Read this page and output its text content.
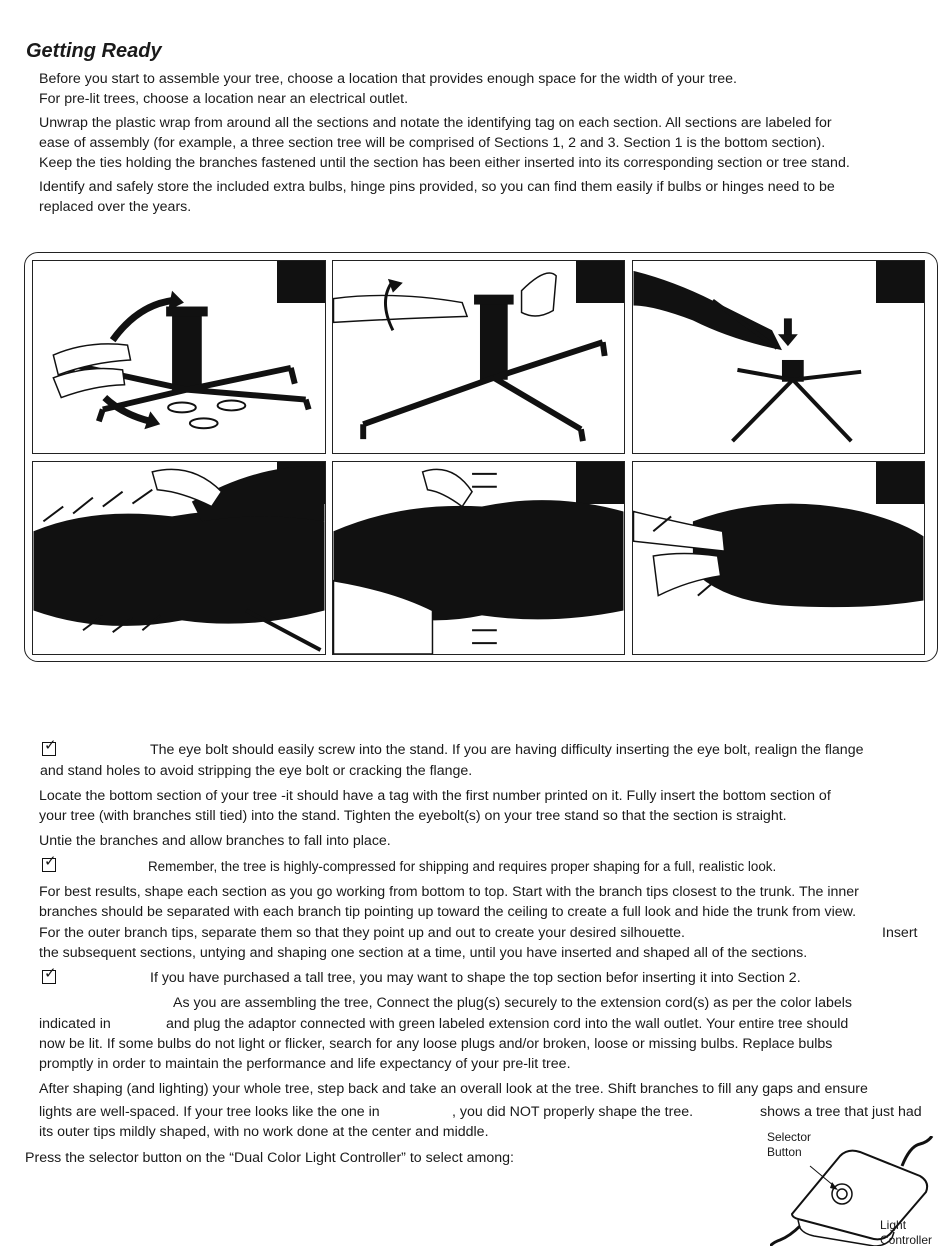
Getting Ready

Before you start to assemble your tree, choose a location that provides enough space for the width of your tree.

For pre-lit trees, choose a location near an electrical outlet.

Unwrap the plastic wrap from around all the sections and notate the identifying tag on each section. All sections are labeled for

ease of assembly (for example, a three section tree will be comprised of Sections 1, 2 and 3. Section 1 is the bottom section).

Keep the ties holding the branches fastened until the section has been either inserted into its corresponding section or tree stand.

Identify and safely store the included extra bulbs, hinge pins provided, so you can find them easily if bulbs or hinges need to be

replaced over the years.

✓	The eye bolt should easily screw into the stand. If you are having difficulty inserting the eye bolt, realign the flange

and stand holes to avoid stripping the eye bolt or cracking the flange.

Locate the bottom section of your tree -it should have a tag with the first number printed on it. Fully insert the bottom section of

your tree (with branches still tied) into the stand. Tighten the eyebolt(s) on your tree stand so that the section is straight.

Untie the branches and allow branches to fall into place.

✓	Remember, the tree is highly-compressed for shipping and requires proper shaping for a full, realistic look.

For best results, shape each section as you go working from bottom to top. Start with the branch tips closest to the trunk. The inner

branches should be separated with each branch tip pointing up toward the ceiling to create a full look and hide the trunk from view.

For the outer branch tips, separate them so that they point up and out to create your desired silhouette.	Insert

the subsequent sections, untying and shaping one section at a time, until you have inserted and shaped all of the sections.

✓	If you have purchased a tall tree, you may want to shape the top section befor inserting it into Section 2.

As you are assembling the tree, Connect the plug(s) securely to the extension cord(s) as per the color labels

indicated in	and plug the adaptor connected with green labeled extension cord into the wall outlet. Your entire tree should

now be lit. If some bulbs do not light or flicker, search for any loose plugs and/or broken, loose or missing bulbs. Replace bulbs

promptly in order to maintain the performance and life expectancy of your pre-lit tree.

After shaping (and lighting) your whole tree, step back and take an overall look at the tree. Shift branches to fill any gaps and ensure

lights are well-spaced. If your tree looks like the one in	, you did NOT properly shape the tree.	shows a tree that just had

its outer tips mildly shaped, with no work done at the center and middle.

Press the selector button on the “Dual Color Light Controller” to select among:

Selector
Button
Light
Controller
